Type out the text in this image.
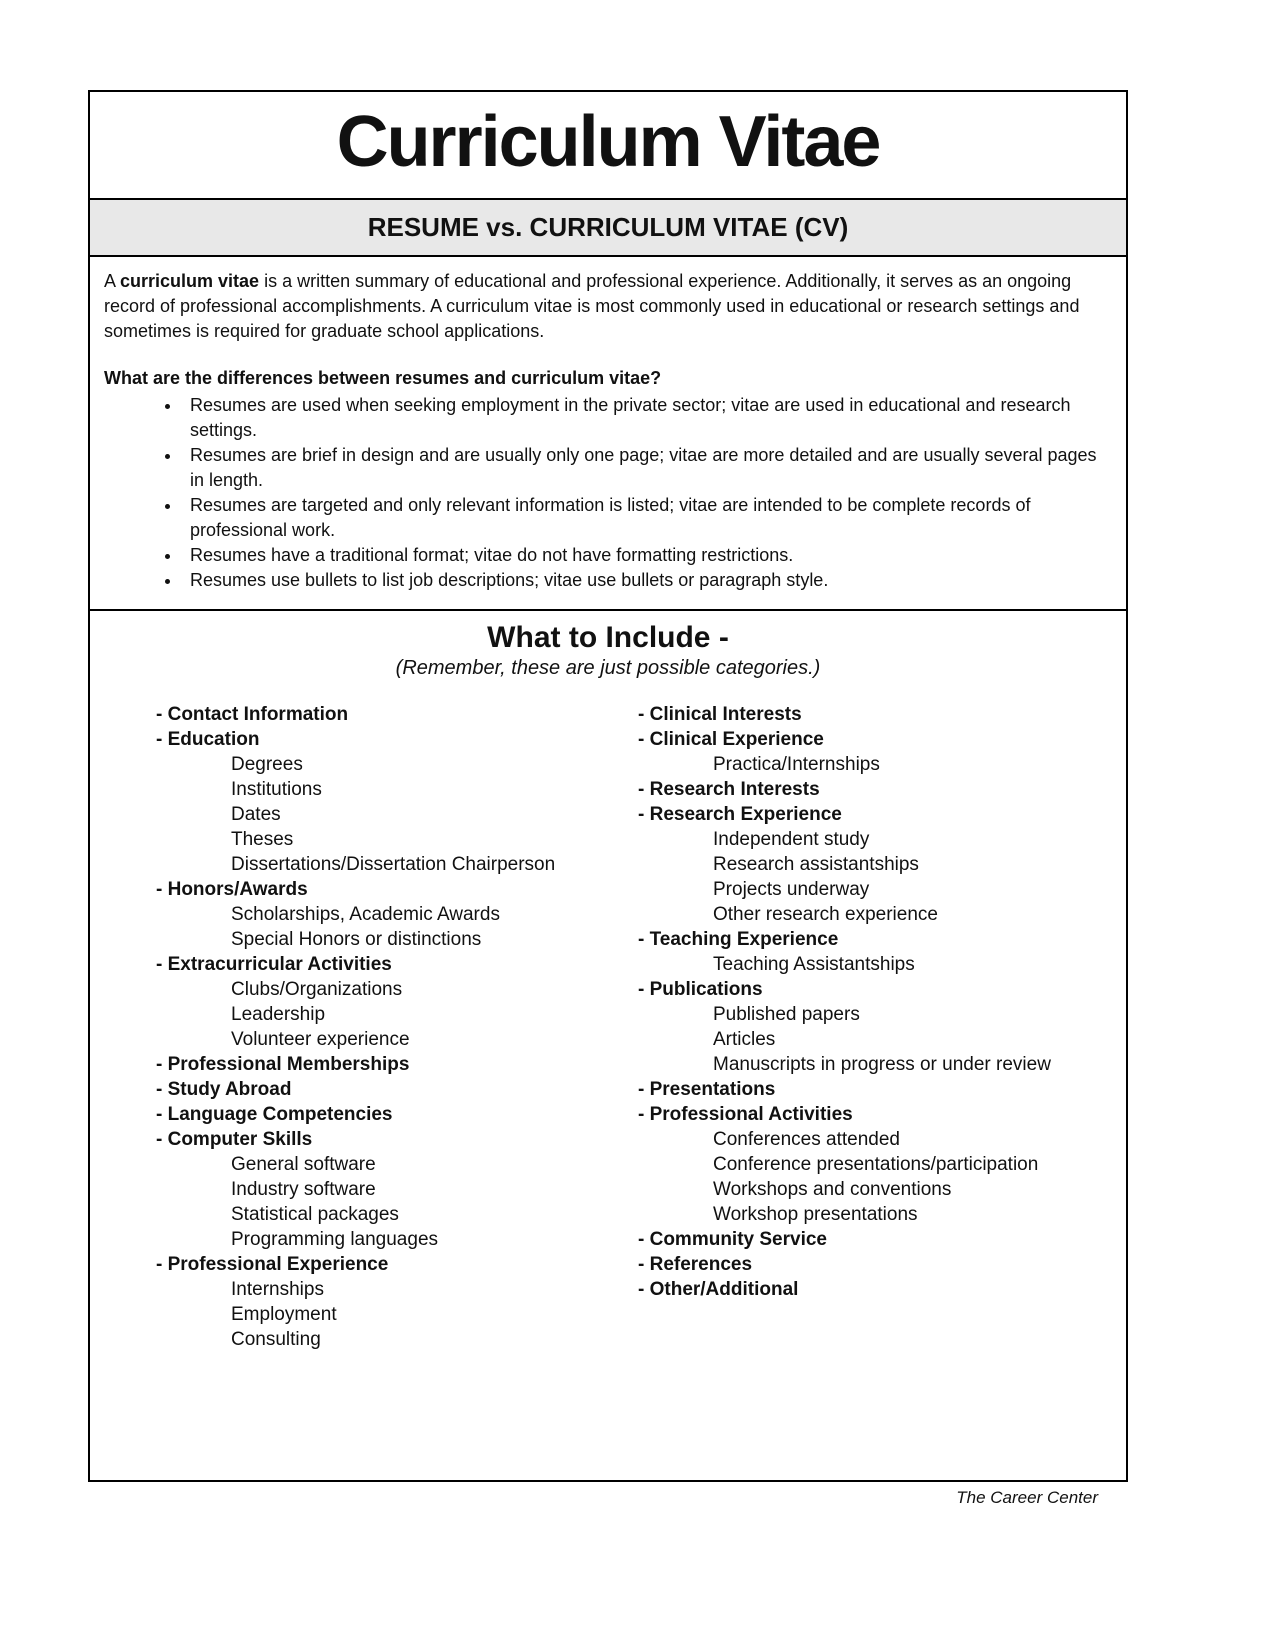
Curriculum Vitae
RESUME vs. CURRICULUM VITAE (CV)

A curriculum vitae is a written summary of educational and professional experience. Additionally, it serves as an ongoing record of professional accomplishments. A curriculum vitae is most commonly used in educational or research settings and sometimes is required for graduate school applications.

What are the differences between resumes and curriculum vitae?

• Resumes are used when seeking employment in the private sector; vitae are used in educational and research settings.
• Resumes are brief in design and are usually only one page; vitae are more detailed and are usually several pages in length.
• Resumes are targeted and only relevant information is listed; vitae are intended to be complete records of professional work.
• Resumes have a traditional format; vitae do not have formatting restrictions.
• Resumes use bullets to list job descriptions; vitae use bullets or paragraph style.
What to Include -
(Remember, these are just possible categories.)
- Contact Information
- Education
Degrees
Institutions
Dates
Theses
Dissertations/Dissertation Chairperson
- Honors/Awards
Scholarships, Academic Awards
Special Honors or distinctions
- Extracurricular Activities
Clubs/Organizations
Leadership
Volunteer experience
- Professional Memberships
- Study Abroad
- Language Competencies
- Computer Skills
General software
Industry software
Statistical packages
Programming languages
- Professional Experience
Internships
Employment
Consulting
- Clinical Interests
- Clinical Experience
Practica/Internships
- Research Interests
- Research Experience
Independent study
Research assistantships
Projects underway
Other research experience
- Teaching Experience
Teaching Assistantships
- Publications
Published papers
Articles
Manuscripts in progress or under review
- Presentations
- Professional Activities
Conferences attended
Conference presentations/participation
Workshops and conventions
Workshop presentations
- Community Service
- References
- Other/Additional
The Career Center
